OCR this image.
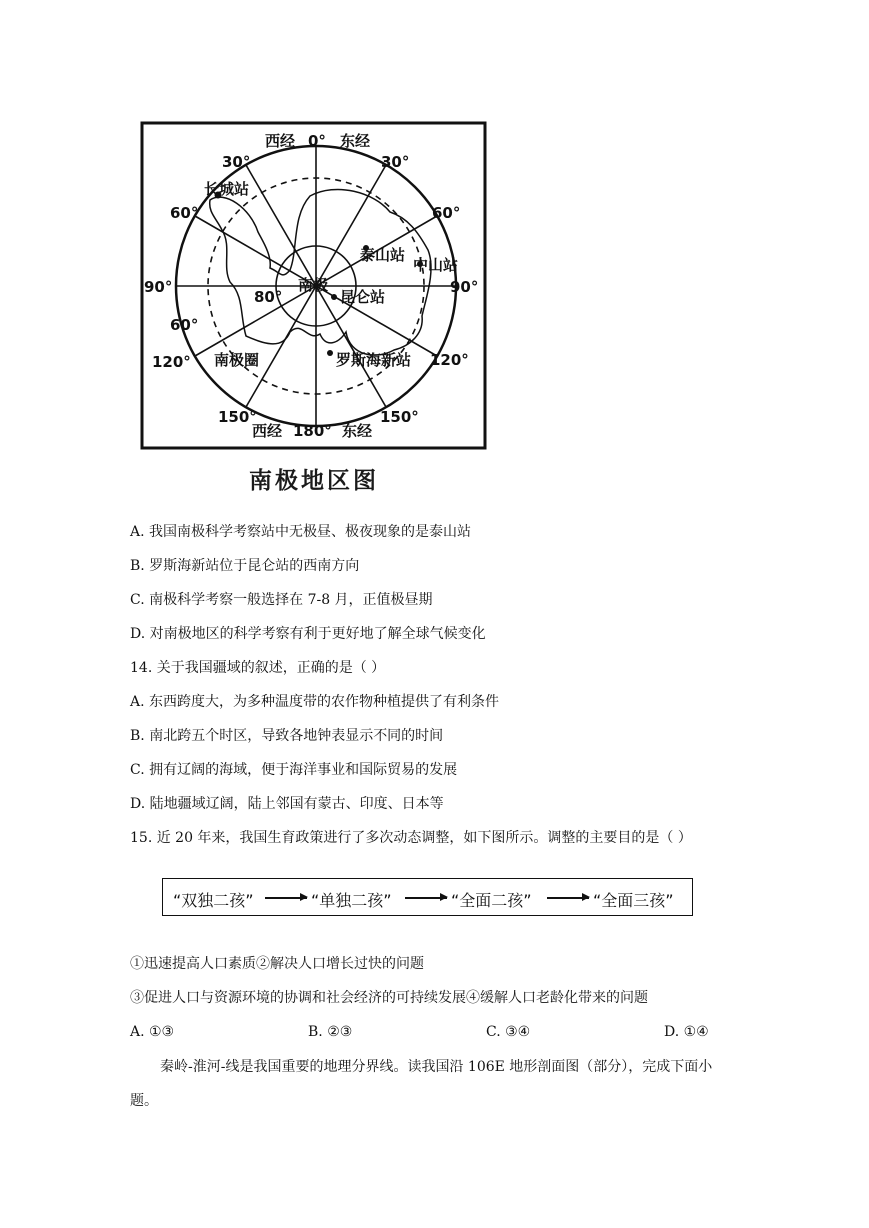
西经 0° 东经
30°	30°
长城站
60°	60°
泰山站
中山站
90°	90°
南极
昆仑站
80°
60°
南极圈	罗斯海新站
120°	120°
150°	150°
西经 180° 东经
南极地区图
A. 我国南极科学考察站中无极昼、极夜现象的是泰山站
B. 罗斯海新站位于昆仑站的西南方向
C. 南极科学考察一般选择在 7-8 月，正值极昼期
D. 对南极地区的科学考察有利于更好地了解全球气候变化
14. 关于我国疆域的叙述，正确的是（ ）
A. 东西跨度大，为多种温度带的农作物种植提供了有利条件
B. 南北跨五个时区，导致各地钟表显示不同的时间
C. 拥有辽阔的海域，便于海洋事业和国际贸易的发展
D. 陆地疆域辽阔，陆上邻国有蒙古、印度、日本等
15. 近 20 年来，我国生育政策进行了多次动态调整，如下图所示。调整的主要目的是（ ）
“双独二孩”	“单独二孩”	“全面二孩”	“全面三孩”
①迅速提高人口素质②解决人口增长过快的问题
③促进人口与资源环境的协调和社会经济的可持续发展④缓解人口老龄化带来的问题
A. ①③	B. ②③	C. ③④	D. ①④
秦岭-淮河-线是我国重要的地理分界线。读我国沿 106E 地形剖面图（部分），完成下面小题。
